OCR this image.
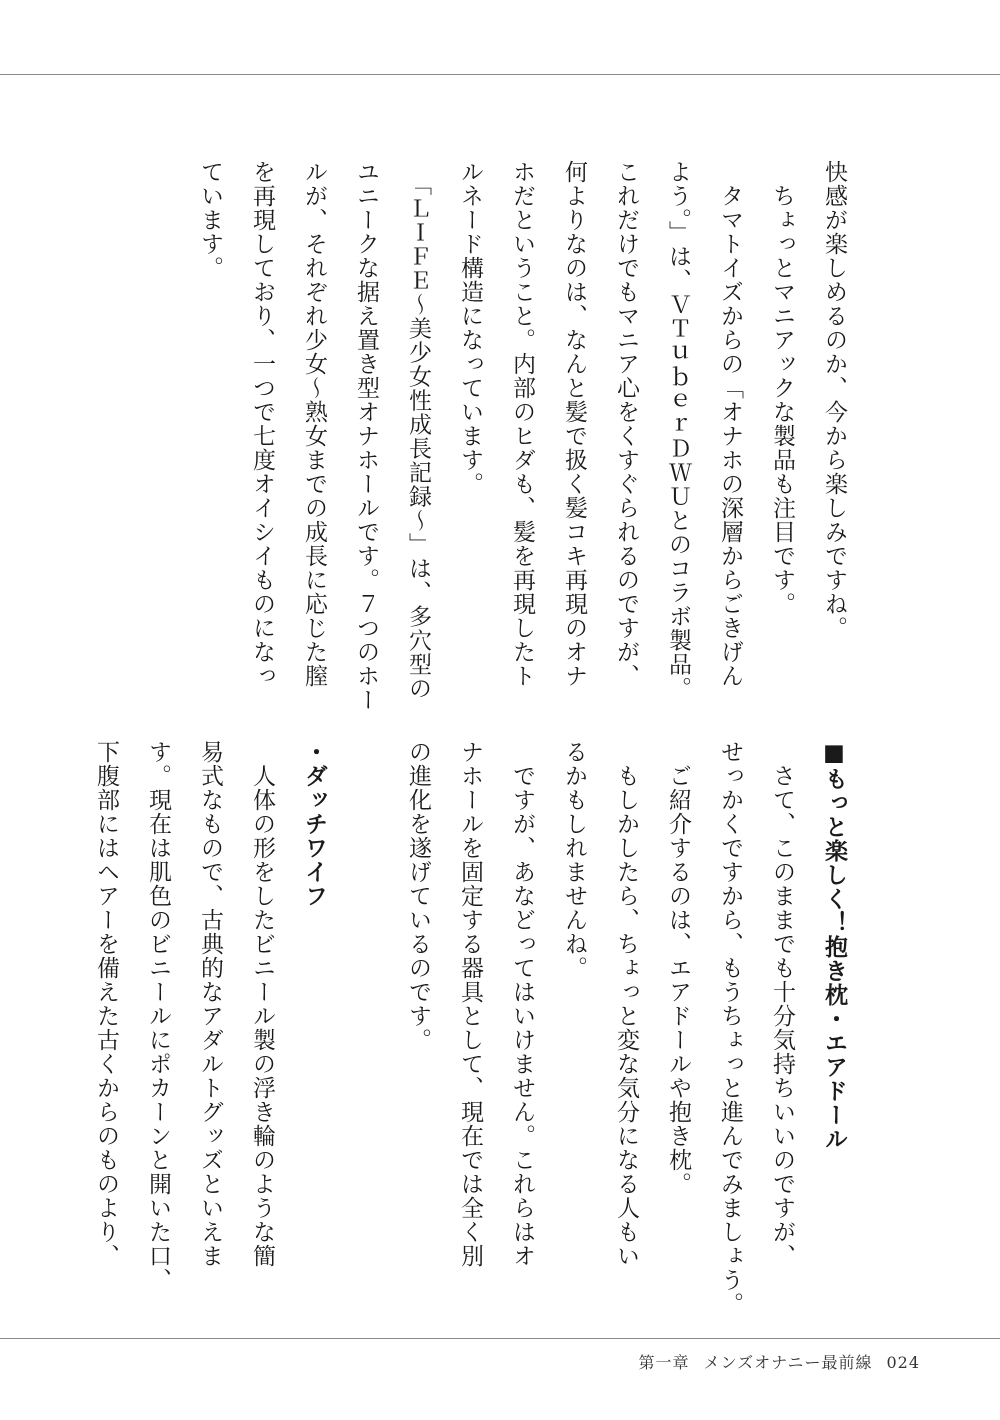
快感が楽しめるのか、今から楽しみですね。
　ちょっとマニアックな製品も注目です。
　タマトイズからの「オナホの深層からごきげん
よう。」は、ＶＴｕｂｅｒＤＷＵとのコラボ製品。
これだけでもマニア心をくすぐられるのですが、
何よりなのは、なんと髪で扱く髪コキ再現のオナ
ホだということ。内部のヒダも、髪を再現したト
ルネード構造になっています。
　「ＬＩＦＥ～美少女性成長記録～」は、多穴型の
ユニークな据え置き型オナホールです。７つのホー
ルが、それぞれ少女～熟女までの成長に応じた膣
を再現しており、一つで七度オイシイものになっ
ています。
■もっと楽しく！抱き枕・エアドール
　さて、このままでも十分気持ちいいのですが、
せっかくですから、もうちょっと進んでみましょう。
　ご紹介するのは、エアドールや抱き枕。
　もしかしたら、ちょっと変な気分になる人もい
るかもしれませんね。
　ですが、あなどってはいけません。これらはオ
ナホールを固定する器具として、現在では全く別
の進化を遂げているのです。

・ダッチワイフ
　人体の形をしたビニール製の浮き輪のような簡
易式なもので、古典的なアダルトグッズといえま
す。現在は肌色のビニールにポカーンと開いた口、
下腹部にはヘアーを備えた古くからのものより、
第一章 メンズオナニー最前線 024
